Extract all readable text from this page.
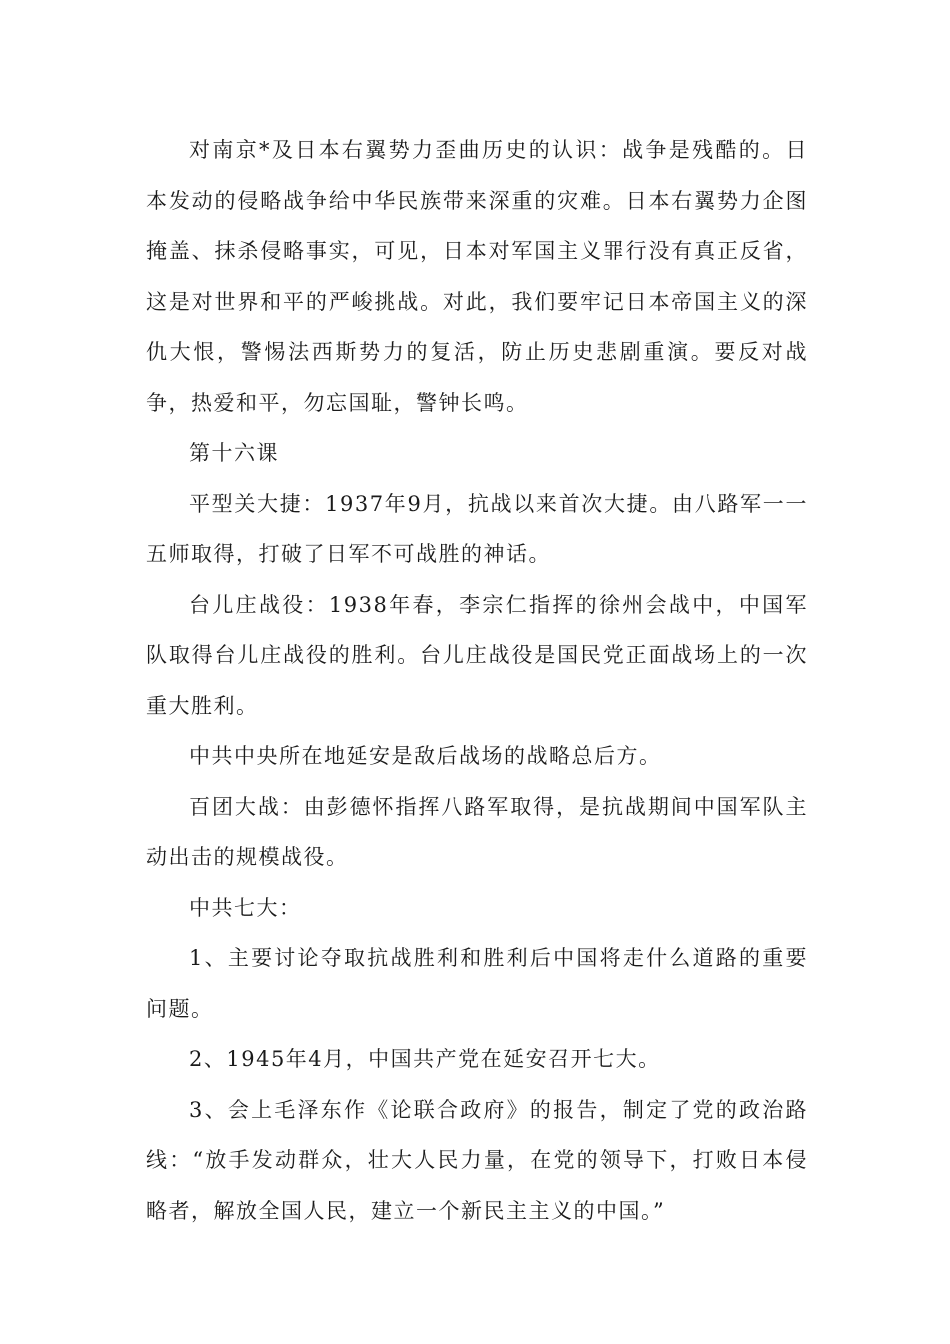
对南京*及日本右翼势力歪曲历史的认识：战争是残酷的。日本发动的侵略战争给中华民族带来深重的灾难。日本右翼势力企图掩盖、抹杀侵略事实，可见，日本对军国主义罪行没有真正反省，这是对世界和平的严峻挑战。对此，我们要牢记日本帝国主义的深仇大恨，警惕法西斯势力的复活，防止历史悲剧重演。要反对战争，热爱和平，勿忘国耻，警钟长鸣。

第十六课

平型关大捷：1937年9月，抗战以来首次大捷。由八路军一一五师取得，打破了日军不可战胜的神话。

台儿庄战役：1938年春，李宗仁指挥的徐州会战中，中国军队取得台儿庄战役的胜利。台儿庄战役是国民党正面战场上的一次重大胜利。

中共中央所在地延安是敌后战场的战略总后方。

百团大战：由彭德怀指挥八路军取得，是抗战期间中国军队主动出击的规模战役。

中共七大：

1、主要讨论夺取抗战胜利和胜利后中国将走什么道路的重要问题。

2、1945年4月，中国共产党在延安召开七大。

3、会上毛泽东作《论联合政府》的报告，制定了党的政治路线：“放手发动群众，壮大人民力量，在党的领导下，打败日本侵略者，解放全国人民，建立一个新民主主义的中国。”
